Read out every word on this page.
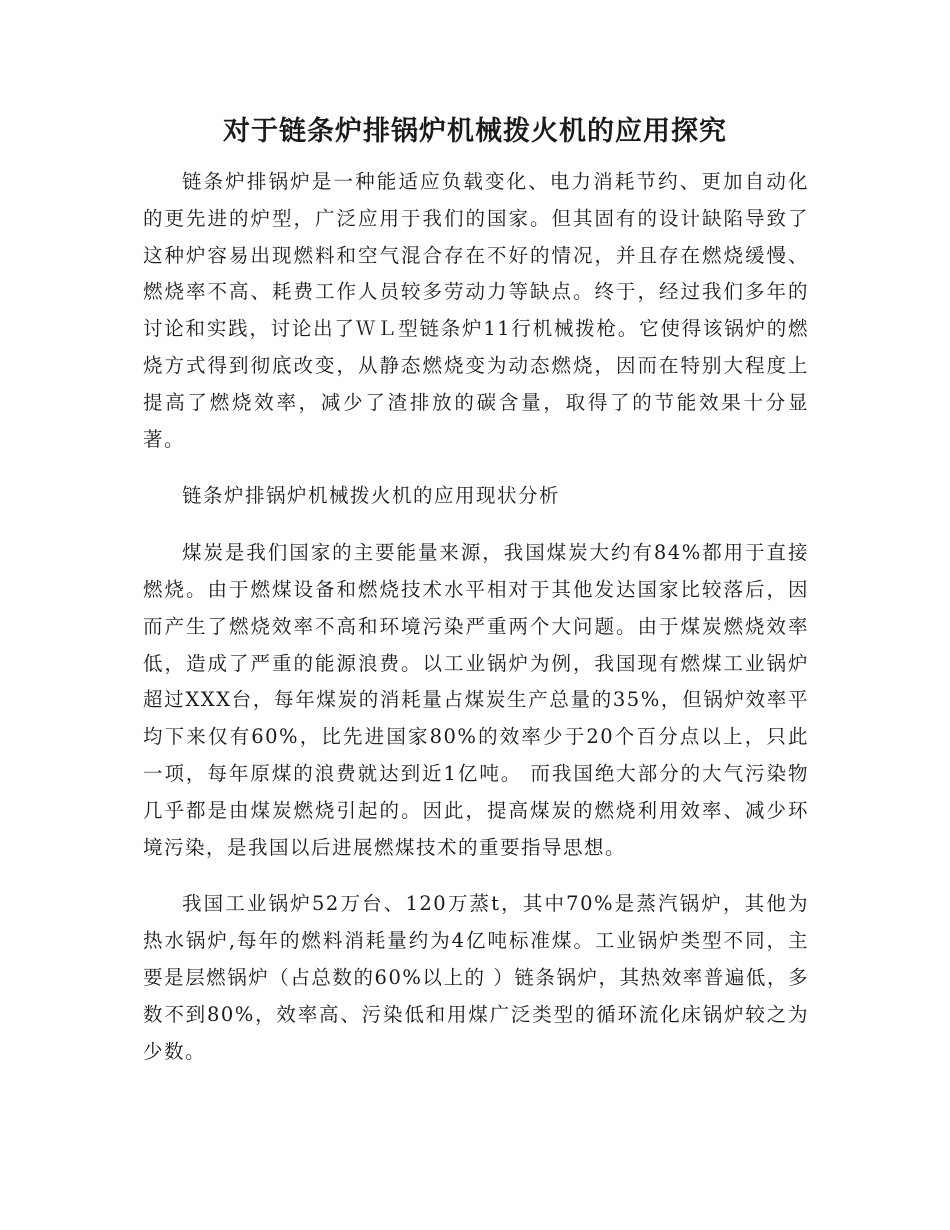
对于链条炉排锅炉机械拨火机的应用探究

链条炉排锅炉是一种能适应负载变化、电力消耗节约、更加自动化的更先进的炉型，广泛应用于我们的国家。但其固有的设计缺陷导致了这种炉容易出现燃料和空气混合存在不好的情况，并且存在燃烧缓慢、燃烧率不高、耗费工作人员较多劳动力等缺点。终于，经过我们多年的讨论和实践，讨论出了ＷＬ型链条炉11行机械拨枪。它使得该锅炉的燃烧方式得到彻底改变，从静态燃烧变为动态燃烧，因而在特别大程度上提高了燃烧效率，减少了渣排放的碳含量，取得了的节能效果十分显著。

链条炉排锅炉机械拨火机的应用现状分析

煤炭是我们国家的主要能量来源，我国煤炭大约有84%都用于直接燃烧。由于燃煤设备和燃烧技术水平相对于其他发达国家比较落后，因而产生了燃烧效率不高和环境污染严重两个大问题。由于煤炭燃烧效率低，造成了严重的能源浪费。以工业锅炉为例，我国现有燃煤工业锅炉超过XXX台，每年煤炭的消耗量占煤炭生产总量的35%，但锅炉效率平均下来仅有60%，比先进国家80%的效率少于20个百分点以上，只此一项，每年原煤的浪费就达到近1亿吨。 而我国绝大部分的大气污染物几乎都是由煤炭燃烧引起的。因此，提高煤炭的燃烧利用效率、减少环境污染，是我国以后进展燃煤技术的重要指导思想。

我国工业锅炉52万台、120万蒸t，其中70%是蒸汽锅炉，其他为热水锅炉,每年的燃料消耗量约为4亿吨标准煤。工业锅炉类型不同，主要是层燃锅炉（占总数的60%以上的 ）链条锅炉，其热效率普遍低，多数不到80%，效率高、污染低和用煤广泛类型的循环流化床锅炉较之为少数。
